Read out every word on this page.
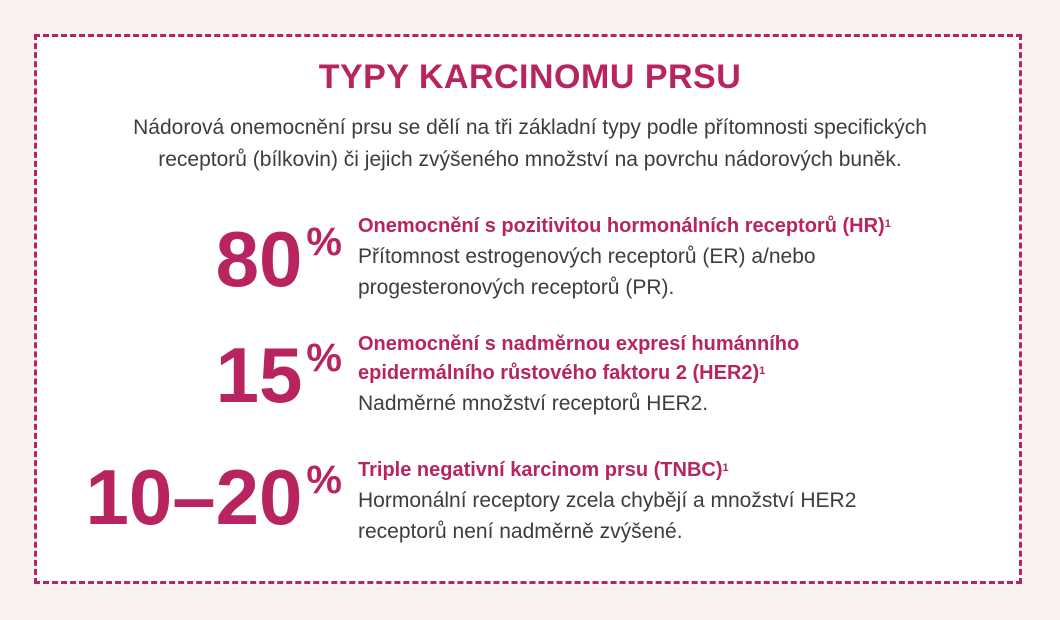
TYPY KARCINOMU PRSU
Nádorová onemocnění prsu se dělí na tři základní typy podle přítomnosti specifických
receptorů (bílkovin) či jejich zvýšeného množství na povrchu nádorových buněk.
80 % Onemocnění s pozitivitou hormonálních receptorů (HR)$^1$
Přítomnost estrogenových receptorů (ER) a/nebo
progesteronových receptorů (PR).
15 % Onemocnění s nadměrnou expresí humánního
epidermálního růstového faktoru 2 $(HER2)^1$
Nadměrné množství receptorů HER2.
10–20 % Triple negativní karcinom prsu (TNBC)$^1$
Hormonální receptory zcela chybějí a množství HER2
receptorů není nadměrně zvýšené.
